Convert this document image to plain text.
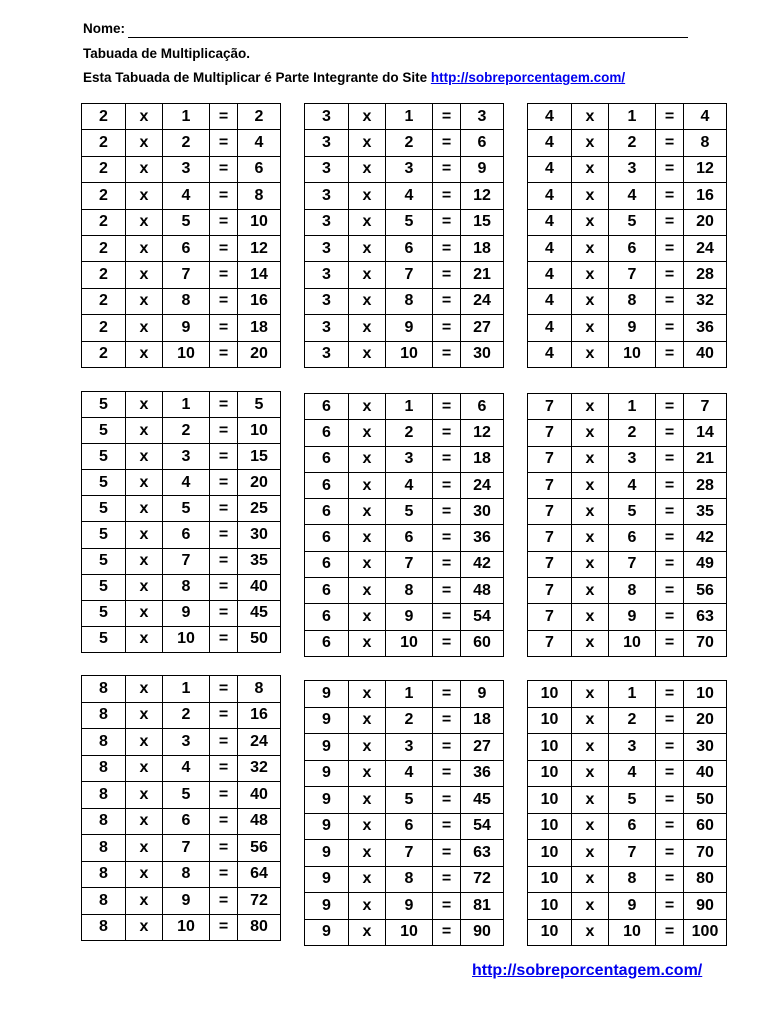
Nome:
Tabuada de Multiplicação.
Esta Tabuada de Multiplicar é Parte Integrante do Site http://sobreporcentagem.com/
2	x	1	=	2
2	x	2	=	4
2	x	3	=	6
2	x	4	=	8
2	x	5	=	10
2	x	6	=	12
2	x	7	=	14
2	x	8	=	16
2	x	9	=	18
2	x	10	=	20
3	x	1	=	3
3	x	2	=	6
3	x	3	=	9
3	x	4	=	12
3	x	5	=	15
3	x	6	=	18
3	x	7	=	21
3	x	8	=	24
3	x	9	=	27
3	x	10	=	30
4	x	1	=	4
4	x	2	=	8
4	x	3	=	12
4	x	4	=	16
4	x	5	=	20
4	x	6	=	24
4	x	7	=	28
4	x	8	=	32
4	x	9	=	36
4	x	10	=	40
5	x	1	=	5
5	x	2	=	10
5	x	3	=	15
5	x	4	=	20
5	x	5	=	25
5	x	6	=	30
5	x	7	=	35
5	x	8	=	40
5	x	9	=	45
5	x	10	=	50
6	x	1	=	6
6	x	2	=	12
6	x	3	=	18
6	x	4	=	24
6	x	5	=	30
6	x	6	=	36
6	x	7	=	42
6	x	8	=	48
6	x	9	=	54
6	x	10	=	60
7	x	1	=	7
7	x	2	=	14
7	x	3	=	21
7	x	4	=	28
7	x	5	=	35
7	x	6	=	42
7	x	7	=	49
7	x	8	=	56
7	x	9	=	63
7	x	10	=	70
8	x	1	=	8
8	x	2	=	16
8	x	3	=	24
8	x	4	=	32
8	x	5	=	40
8	x	6	=	48
8	x	7	=	56
8	x	8	=	64
8	x	9	=	72
8	x	10	=	80
9	x	1	=	9
9	x	2	=	18
9	x	3	=	27
9	x	4	=	36
9	x	5	=	45
9	x	6	=	54
9	x	7	=	63
9	x	8	=	72
9	x	9	=	81
9	x	10	=	90
10	x	1	=	10
10	x	2	=	20
10	x	3	=	30
10	x	4	=	40
10	x	5	=	50
10	x	6	=	60
10	x	7	=	70
10	x	8	=	80
10	x	9	=	90
10	x	10	=	100
http://sobreporcentagem.com/
